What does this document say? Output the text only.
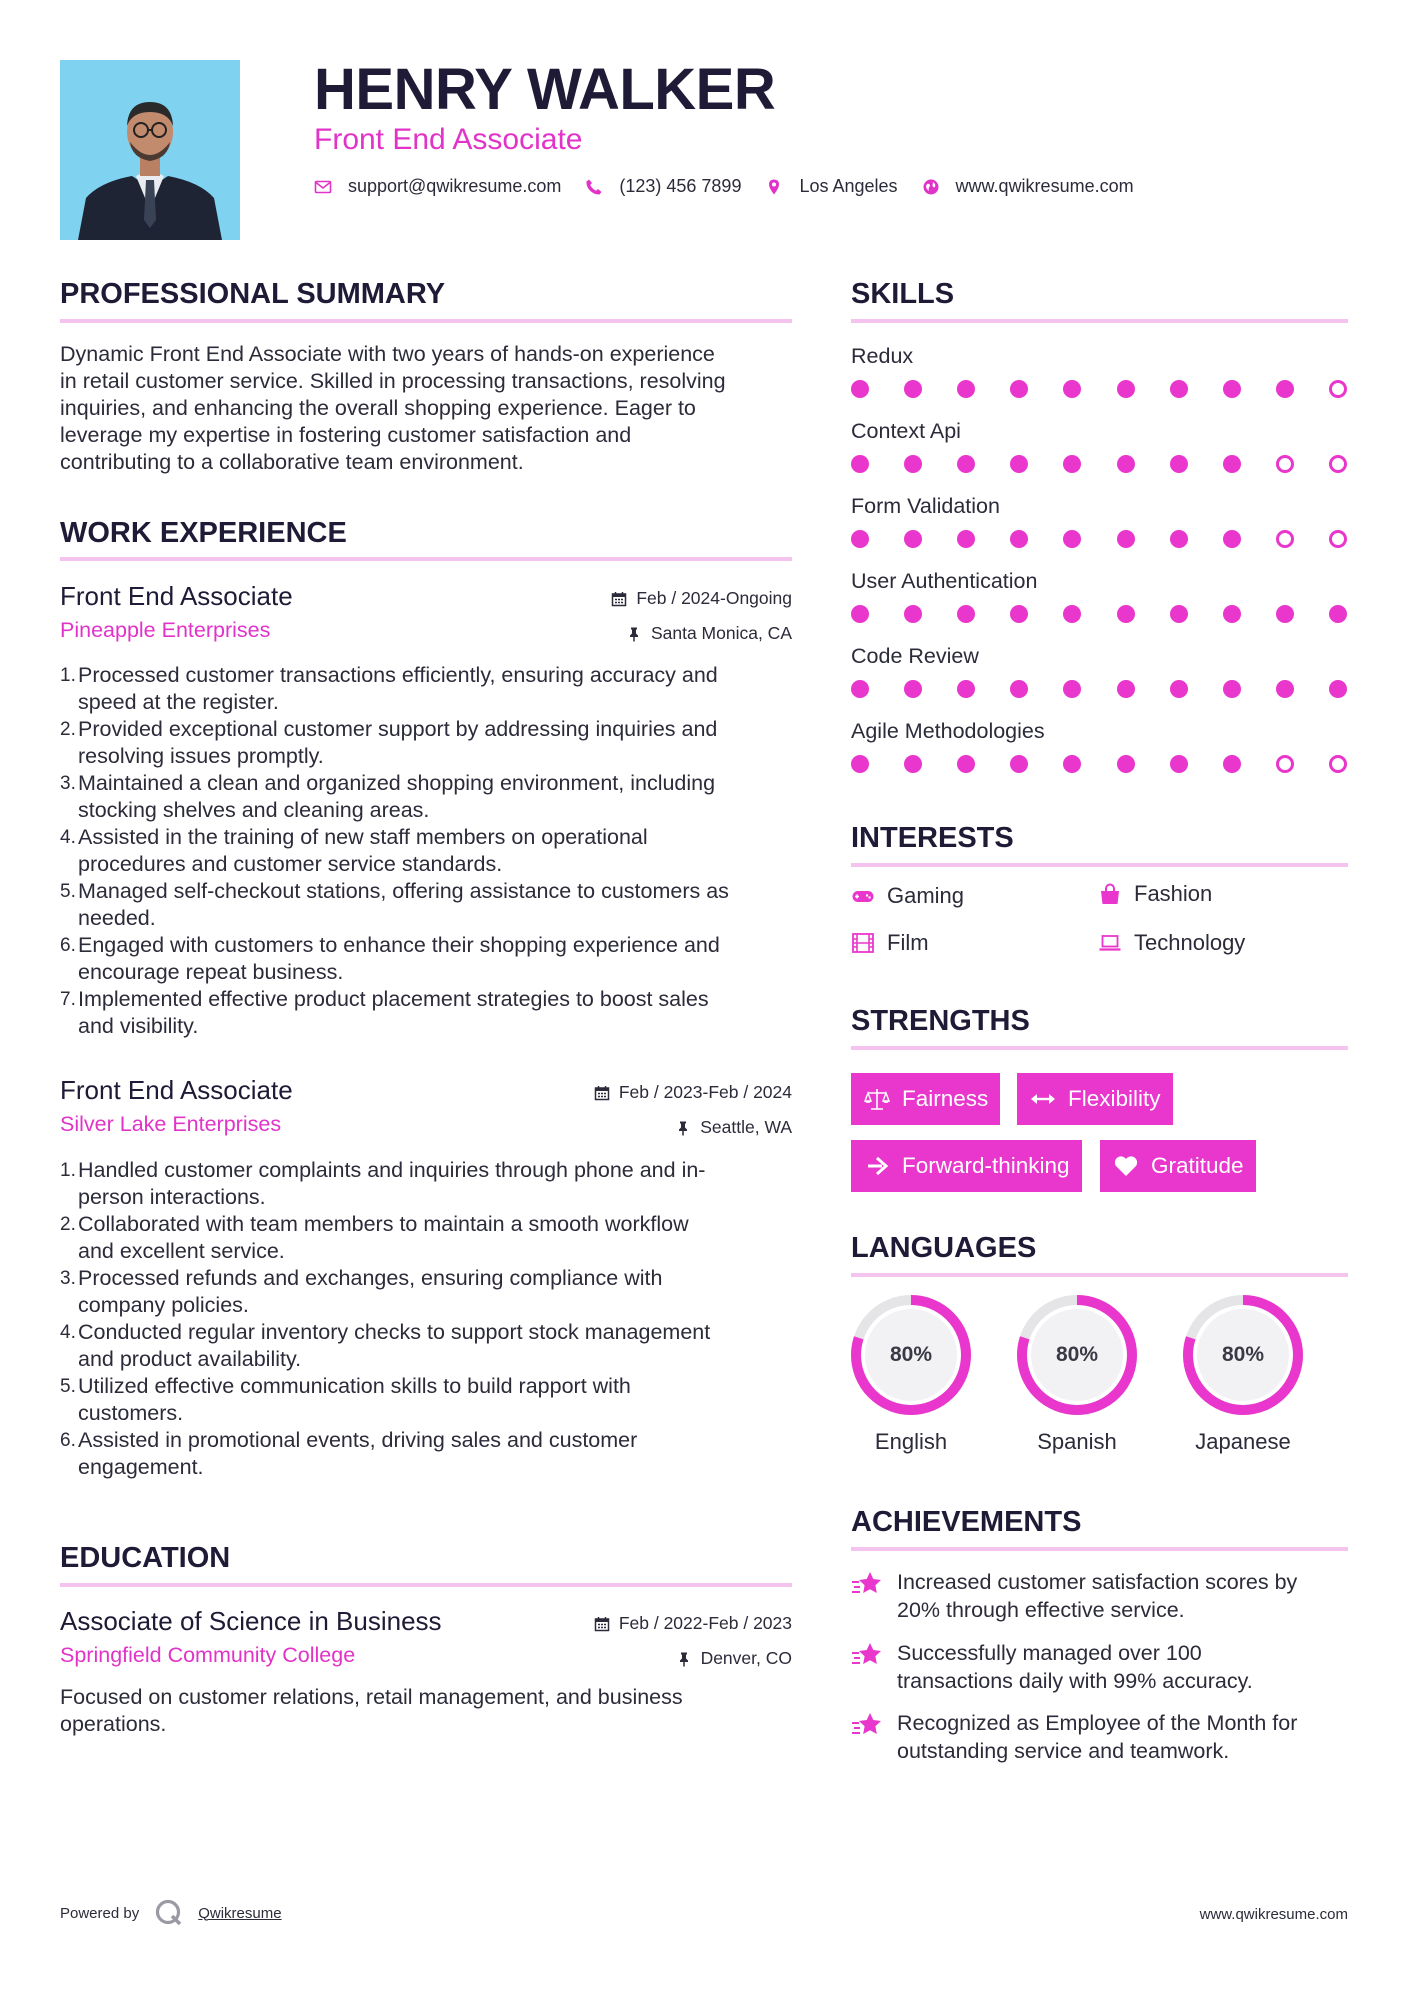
HENRY WALKER
Front End Associate
support@qwikresume.com	(123) 456 7899	Los Angeles	www.qwikresume.com
PROFESSIONAL SUMMARY
Dynamic Front End Associate with two years of hands-on experience
in retail customer service. Skilled in processing transactions, resolving
inquiries, and enhancing the overall shopping experience. Eager to
leverage my expertise in fostering customer satisfaction and
contributing to a collaborative team environment.
WORK EXPERIENCE
Front End Associate
Pineapple Enterprises
Feb / 2024-Ongoing
Santa Monica, CA
1. Processed customer transactions efficiently, ensuring accuracy and
speed at the register.
2. Provided exceptional customer support by addressing inquiries and
resolving issues promptly.
3. Maintained a clean and organized shopping environment, including
stocking shelves and cleaning areas.
4. Assisted in the training of new staff members on operational
procedures and customer service standards.
5. Managed self-checkout stations, offering assistance to customers as
needed.
6. Engaged with customers to enhance their shopping experience and
encourage repeat business.
7. Implemented effective product placement strategies to boost sales
and visibility.
Front End Associate
Silver Lake Enterprises
Feb / 2023-Feb / 2024
Seattle, WA
1. Handled customer complaints and inquiries through phone and in-
person interactions.
2. Collaborated with team members to maintain a smooth workflow
and excellent service.
3. Processed refunds and exchanges, ensuring compliance with
company policies.
4. Conducted regular inventory checks to support stock management
and product availability.
5. Utilized effective communication skills to build rapport with
customers.
6. Assisted in promotional events, driving sales and customer
engagement.
EDUCATION
Associate of Science in Business
Springfield Community College
Feb / 2022-Feb / 2023
Denver, CO
Focused on customer relations, retail management, and business
operations.
SKILLS
Redux
Context Api
Form Validation
User Authentication
Code Review
Agile Methodologies
INTERESTS
Gaming	Fashion
Film	Technology
STRENGTHS
Fairness	Flexibility
Forward-thinking	Gratitude
LANGUAGES
80%
English
80%
Spanish
80%
Japanese
ACHIEVEMENTS
Increased customer satisfaction scores by
20% through effective service.
Successfully managed over 100
transactions daily with 99% accuracy.
Recognized as Employee of the Month for
outstanding service and teamwork.
Powered by	Qwikresume	www.qwikresume.com
